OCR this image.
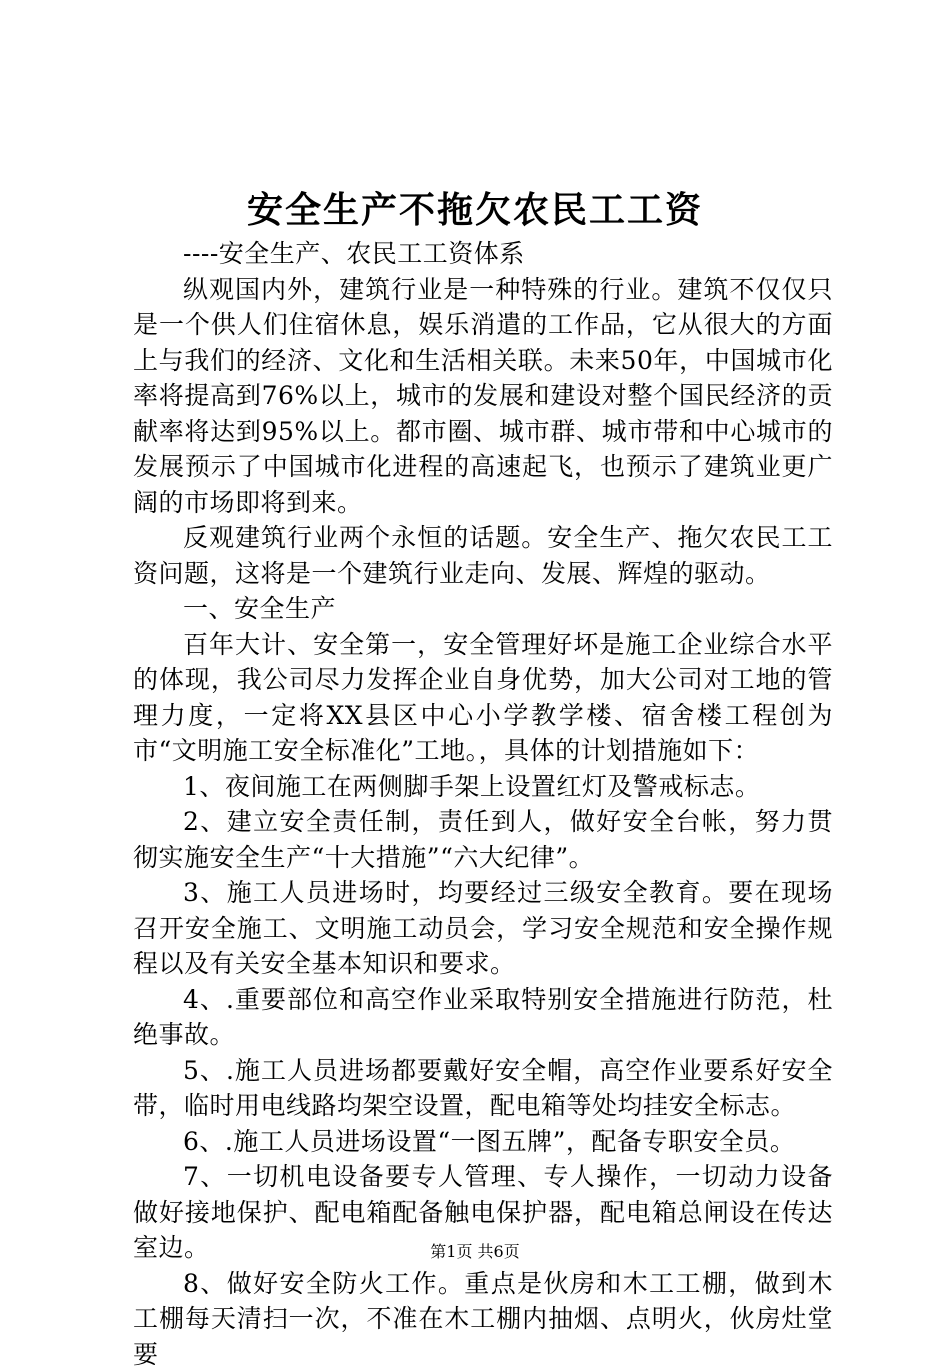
安全生产不拖欠农民工工资

----安全生产、农民工工资体系

纵观国内外，建筑行业是一种特殊的行业。建筑不仅仅只是一个供人们住宿休息，娱乐消遣的工作品，它从很大的方面上与我们的经济、文化和生活相关联。未来50年，中国城市化率将提高到76%以上，城市的发展和建设对整个国民经济的贡献率将达到95%以上。都市圈、城市群、城市带和中心城市的发展预示了中国城市化进程的高速起飞，也预示了建筑业更广阔的市场即将到来。

反观建筑行业两个永恒的话题。安全生产、拖欠农民工工资问题，这将是一个建筑行业走向、发展、辉煌的驱动。

一、安全生产

百年大计、安全第一，安全管理好坏是施工企业综合水平的体现，我公司尽力发挥企业自身优势，加大公司对工地的管理力度，一定将XX县区中心小学教学楼、宿舍楼工程创为市“文明施工安全标准化”工地。，具体的计划措施如下：

1、夜间施工在两侧脚手架上设置红灯及警戒标志。

2、建立安全责任制，责任到人，做好安全台帐，努力贯彻实施安全生产“十大措施”“六大纪律”。

3、施工人员进场时，均要经过三级安全教育。要在现场召开安全施工、文明施工动员会，学习安全规范和安全操作规程以及有关安全基本知识和要求。

4、.重要部位和高空作业采取特别安全措施进行防范，杜绝事故。

5、.施工人员进场都要戴好安全帽，高空作业要系好安全带，临时用电线路均架空设置，配电箱等处均挂安全标志。

6、.施工人员进场设置“一图五牌”，配备专职安全员。

7、一切机电设备要专人管理、专人操作，一切动力设备做好接地保护、配电箱配备触电保护器，配电箱总闸设在传达室边。

8、做好安全防火工作。重点是伙房和木工工棚，做到木工棚每天清扫一次，不准在木工棚内抽烟、点明火，伙房灶堂要

第1页 共6页
